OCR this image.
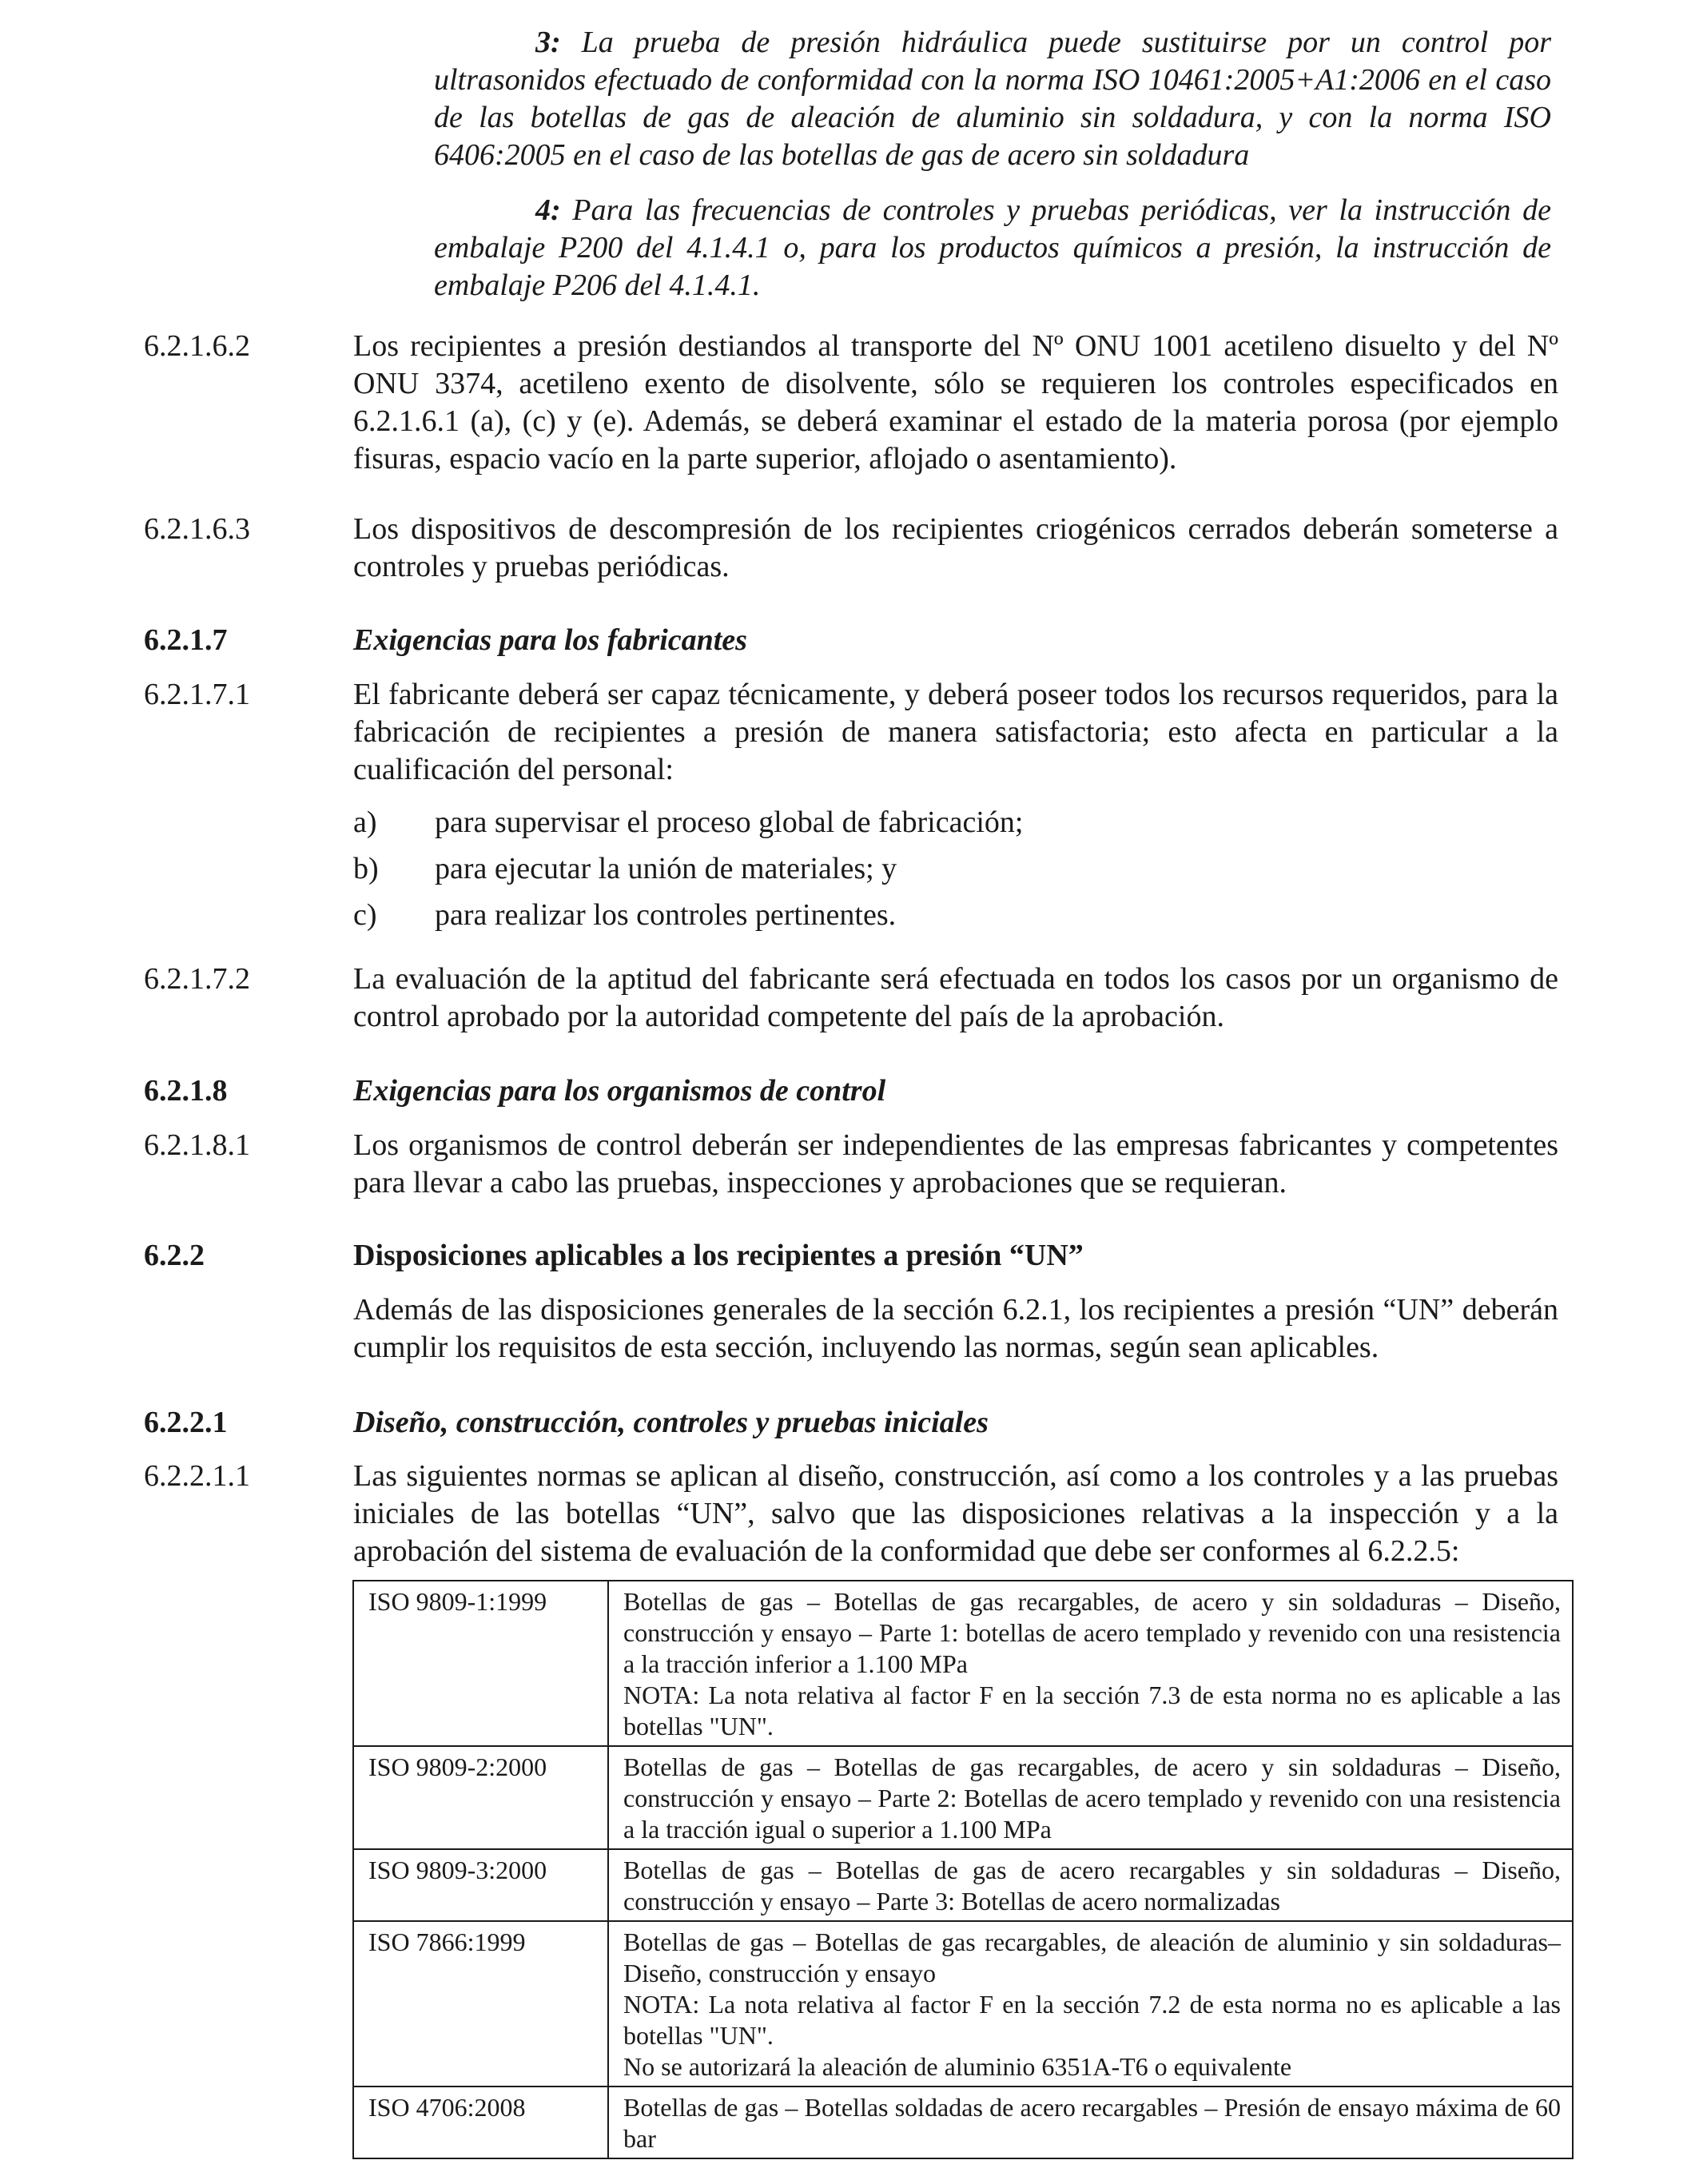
3: La prueba de presión hidráulica puede sustituirse por un control por ultrasonidos efectuado de conformidad con la norma ISO 10461:2005+A1:2006 en el caso de las botellas de gas de aleación de aluminio sin soldadura, y con la norma ISO 6406:2005 en el caso de las botellas de gas de acero sin soldadura
4: Para las frecuencias de controles y pruebas periódicas, ver la instrucción de embalaje P200 del 4.1.4.1 o, para los productos químicos a presión, la instrucción de embalaje P206 del 4.1.4.1.
6.2.1.6.2	Los recipientes a presión destiandos al transporte del Nº ONU 1001 acetileno disuelto y del Nº ONU 3374, acetileno exento de disolvente, sólo se requieren los controles especificados en 6.2.1.6.1 (a), (c) y (e). Además, se deberá examinar el estado de la materia porosa (por ejemplo fisuras, espacio vacío en la parte superior, aflojado o asentamiento).
6.2.1.6.3	Los dispositivos de descompresión de los recipientes criogénicos cerrados deberán someterse a controles y pruebas periódicas.
6.2.1.7	Exigencias para los fabricantes
6.2.1.7.1	El fabricante deberá ser capaz técnicamente, y deberá poseer todos los recursos requeridos, para la fabricación de recipientes a presión de manera satisfactoria; esto afecta en particular a la cualificación del personal:
a) para supervisar el proceso global de fabricación;
b) para ejecutar la unión de materiales; y
c) para realizar los controles pertinentes.
6.2.1.7.2	La evaluación de la aptitud del fabricante será efectuada en todos los casos por un organismo de control aprobado por la autoridad competente del país de la aprobación.
6.2.1.8	Exigencias para los organismos de control
6.2.1.8.1	Los organismos de control deberán ser independientes de las empresas fabricantes y competentes para llevar a cabo las pruebas, inspecciones y aprobaciones que se requieran.
6.2.2	Disposiciones aplicables a los recipientes a presión “UN”
Además de las disposiciones generales de la sección 6.2.1, los recipientes a presión “UN” deberán cumplir los requisitos de esta sección, incluyendo las normas, según sean aplicables.
6.2.2.1	Diseño, construcción, controles y pruebas iniciales
6.2.2.1.1	Las siguientes normas se aplican al diseño, construcción, así como a los controles y a las pruebas iniciales de las botellas “UN”, salvo que las disposiciones relativas a la inspección y a la aprobación del sistema de evaluación de la conformidad que debe ser conformes al 6.2.2.5:
ISO 9809-1:1999	Botellas de gas – Botellas de gas recargables, de acero y sin soldaduras – Diseño, construcción y ensayo – Parte 1: botellas de acero templado y revenido con una resistencia a la tracción inferior a 1.100 MPa
NOTA: La nota relativa al factor F en la sección 7.3 de esta norma no es aplicable a las botellas "UN".

ISO 9809-2:2000	Botellas de gas – Botellas de gas recargables, de acero y sin soldaduras – Diseño, construcción y ensayo – Parte 2: Botellas de acero templado y revenido con una resistencia a la tracción igual o superior a 1.100 MPa

ISO 9809-3:2000	Botellas de gas – Botellas de gas de acero recargables y sin soldaduras – Diseño, construcción y ensayo – Parte 3: Botellas de acero normalizadas

ISO 7866:1999	Botellas de gas – Botellas de gas recargables, de aleación de aluminio y sin soldaduras– Diseño, construcción y ensayo
NOTA: La nota relativa al factor F en la sección 7.2 de esta norma no es aplicable a las botellas "UN".
No se autorizará la aleación de aluminio 6351A-T6 o equivalente

ISO 4706:2008	Botellas de gas – Botellas soldadas de acero recargables – Presión de ensayo máxima de 60 bar
